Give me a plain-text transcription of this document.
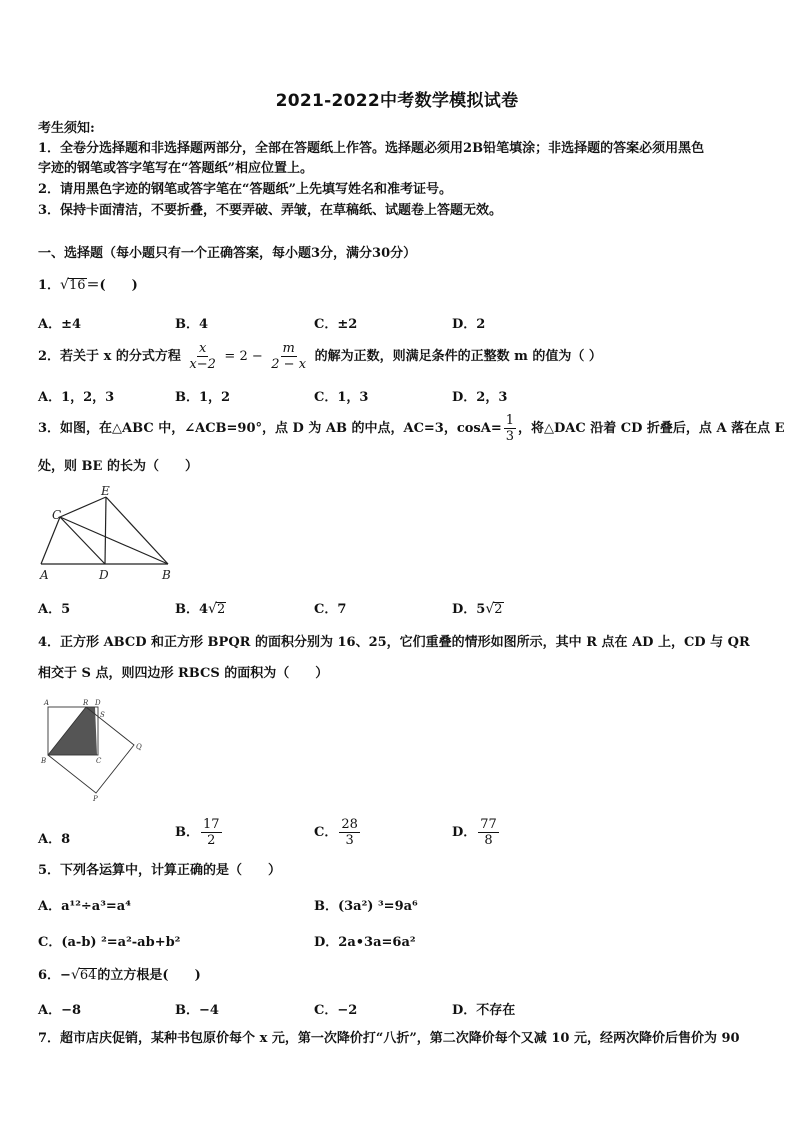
2021-2022中考数学模拟试卷
考生须知:
1．全卷分选择题和非选择题两部分，全部在答题纸上作答。选择题必须用2B铅笔填涂；非选择题的答案必须用黑色
字迹的钢笔或答字笔写在“答题纸”相应位置上。
2．请用黑色字迹的钢笔或答字笔在“答题纸”上先填写姓名和准考证号。
3．保持卡面清洁，不要折叠，不要弄破、弄皱，在草稿纸、试题卷上答题无效。
一、选择题（每小题只有一个正确答案，每小题3分，满分30分）
1．√16＝(　　)
A．±4	B．4	C．±2	D．2
2．若关于 x 的分式方程 $\frac{x}{x-2} = 2 - \frac{m}{2 - x}$ 的解为正数，则满足条件的正整数 m 的值为（ ）
A．1，2，3	B．1，2	C．1，3	D．2，3
3．如图，在△ABC 中，∠ACB=90°，点 D 为 AB 的中点，AC=3，$\cos A= \frac{1}{3}$ ，将△DAC 沿着 CD 折叠后，点 A 落在点 E
处，则 BE 的长为（　　）
C
E
A	D	B
A．5	B．4√2	C．7	D．5√2
4．正方形 ABCD 和正方形 BPQR 的面积分别为 16、25，它们重叠的情形如图所示，其中 R 点在 AD 上，CD 与 QR
相交于 S 点，则四边形 RBCS 的面积为（　　）
A	R D
S
Q
B	C
P
A．8	B． $\frac{17}{2}$	C． $\frac{28}{3}$	D． $\frac{77}{8}$
5．下列各运算中，计算正确的是（　　）
A．a¹²÷a³=a⁴	B．(3a²) ³=9a⁶
C．(a-b) ²=a²-ab+b²	D．2a•3a=6a²
6．−√64的立方根是(　　)
A．−8	B．−4	C．−2	D．不存在
7．超市店庆促销，某种书包原价每个 x 元，第一次降价打“八折”，第二次降价每个又减 10 元，经两次降价后售价为 90
